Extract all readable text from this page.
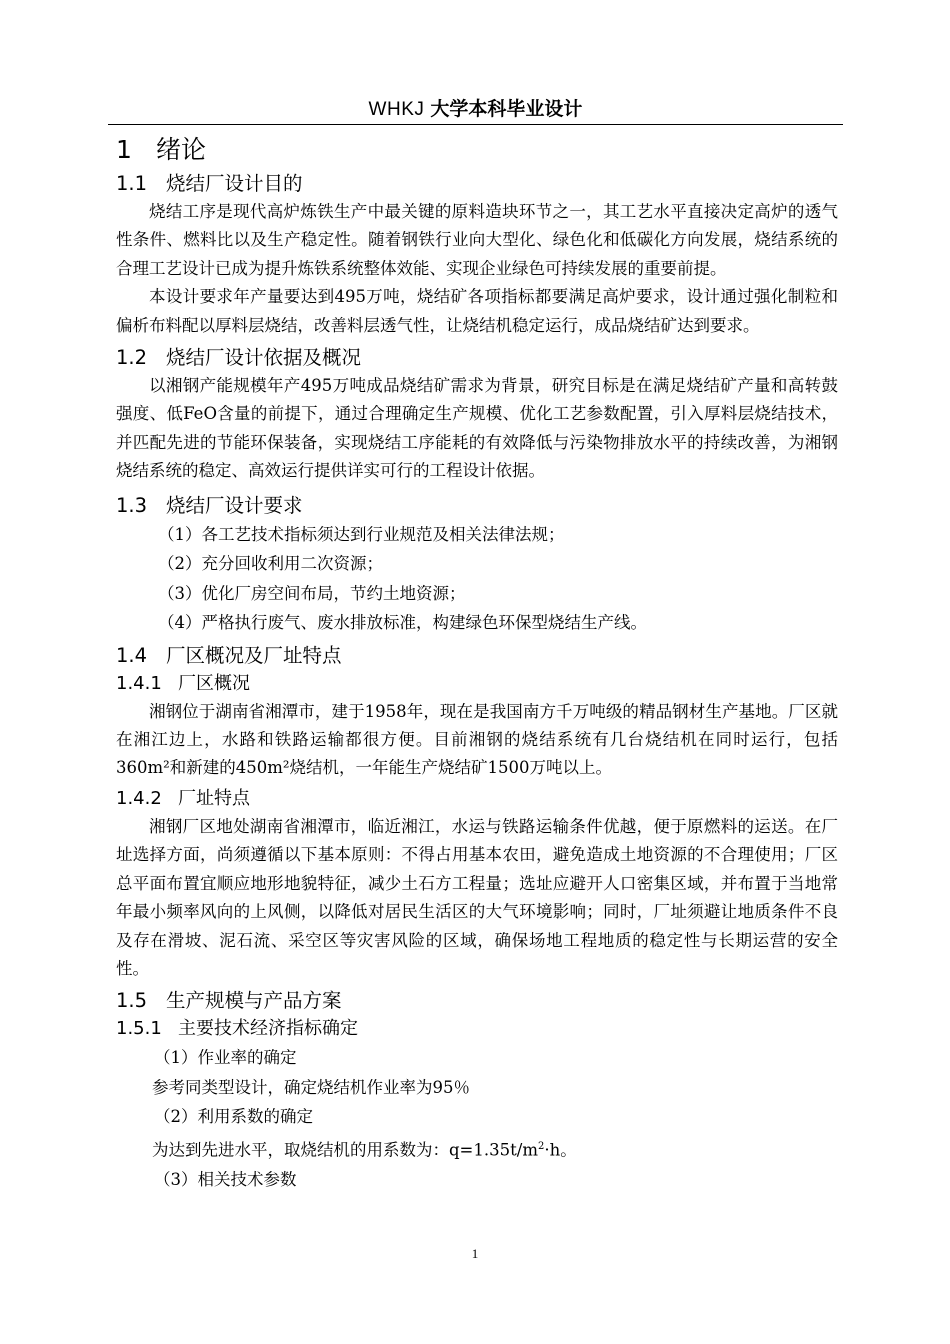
WHKJ 大学本科毕业设计
1 绪论
1.1 烧结厂设计目的

烧结工序是现代高炉炼铁生产中最关键的原料造块环节之一，其工艺水平直接决定高炉的透气性条件、燃料比以及生产稳定性。随着钢铁行业向大型化、绿色化和低碳化方向发展，烧结系统的合理工艺设计已成为提升炼铁系统整体效能、实现企业绿色可持续发展的重要前提。

本设计要求年产量要达到495万吨，烧结矿各项指标都要满足高炉要求，设计通过强化制粒和偏析布料配以厚料层烧结，改善料层透气性，让烧结机稳定运行，成品烧结矿达到要求。

1.2 烧结厂设计依据及概况

以湘钢产能规模年产495万吨成品烧结矿需求为背景，研究目标是在满足烧结矿产量和高转鼓强度、低FeO含量的前提下，通过合理确定生产规模、优化工艺参数配置，引入厚料层烧结技术，并匹配先进的节能环保装备，实现烧结工序能耗的有效降低与污染物排放水平的持续改善，为湘钢烧结系统的稳定、高效运行提供详实可行的工程设计依据。

1.3 烧结厂设计要求
（1）各工艺技术指标须达到行业规范及相关法律法规；
（2）充分回收利用二次资源；
（3）优化厂房空间布局，节约土地资源；
（4）严格执行废气、废水排放标准，构建绿色环保型烧结生产线。
1.4 厂区概况及厂址特点
1.4.1 厂区概况

湘钢位于湖南省湘潭市，建于1958年，现在是我国南方千万吨级的精品钢材生产基地。厂区就在湘江边上，水路和铁路运输都很方便。目前湘钢的烧结系统有几台烧结机在同时运行，包括360m²和新建的450m²烧结机，一年能生产烧结矿1500万吨以上。

1.4.2 厂址特点

湘钢厂区地处湖南省湘潭市，临近湘江，水运与铁路运输条件优越，便于原燃料的运送。在厂址选择方面，尚须遵循以下基本原则：不得占用基本农田，避免造成土地资源的不合理使用；厂区总平面布置宜顺应地形地貌特征，减少土石方工程量；选址应避开人口密集区域，并布置于当地常年最小频率风向的上风侧，以降低对居民生活区的大气环境影响；同时，厂址须避让地质条件不良及存在滑坡、泥石流、采空区等灾害风险的区域，确保场地工程地质的稳定性与长期运营的安全性。

1.5 生产规模与产品方案
1.5.1 主要技术经济指标确定
（1）作业率的确定
参考同类型设计，确定烧结机作业率为95％
（2）利用系数的确定
为达到先进水平，取烧结机的用系数为：$q=1.35t/m^2\cdot h$。
（3）相关技术参数
1
